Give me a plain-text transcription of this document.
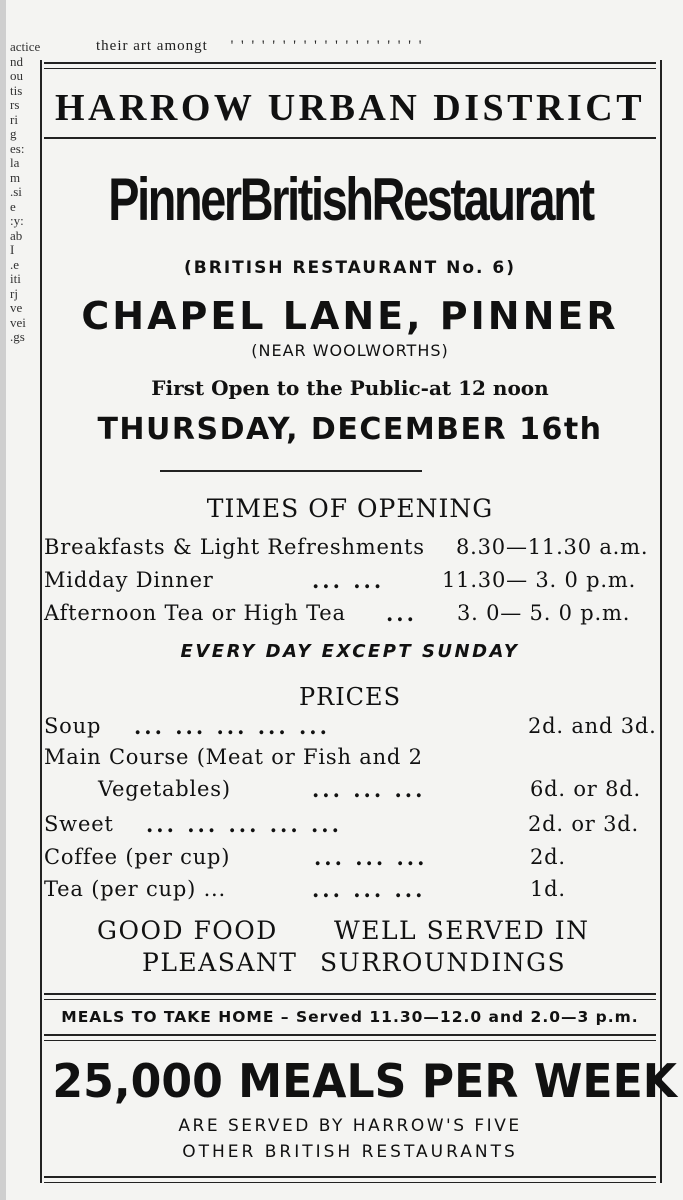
actice
nd
ou
tis
rs
ri
g
es:
la
m
.si
e
:y:
ab
I
.e
iti
rj
ve
vei
.gs
their art amongt ' ' ' ' ' ' ' ' ' ' ' ' ' ' ' ' ' ' '
HARROW URBAN DISTRICT
PinnerBritishRestaurant
(BRITISH RESTAURANT No. 6)
CHAPEL LANE, PINNER
(NEAR WOOLWORTHS)
First Open to the Public-at 12 noon
THURSDAY, DECEMBER 16th
TIMES OF OPENING
Breakfasts & Light Refreshments 8.30—11.30 a.m.
Midday Dinner	... ...	11.30— 3. 0 p.m.
Afternoon Tea or High Tea ... 3. 0— 5. 0 p.m.
EVERY DAY EXCEPT SUNDAY
PRICES
Soup ... ... ... ... ...	2d. and 3d.
Main Course (Meat or Fish and 2
Vegetables)	... ... ...	6d. or 8d.
Sweet ... ... ... ... ...	2d. or 3d.
Coffee (per cup)	... ... ...	2d.
Tea (per cup) ...	... ... ...	1d.
GOOD FOOD WELL SERVED IN
PLEASANT SURROUNDINGS
MEALS TO TAKE HOME – Served 11.30—12.0 and 2.0—3 p.m.
25,000 MEALS PER WEEK
ARE SERVED BY HARROW'S FIVE
OTHER BRITISH RESTAURANTS
